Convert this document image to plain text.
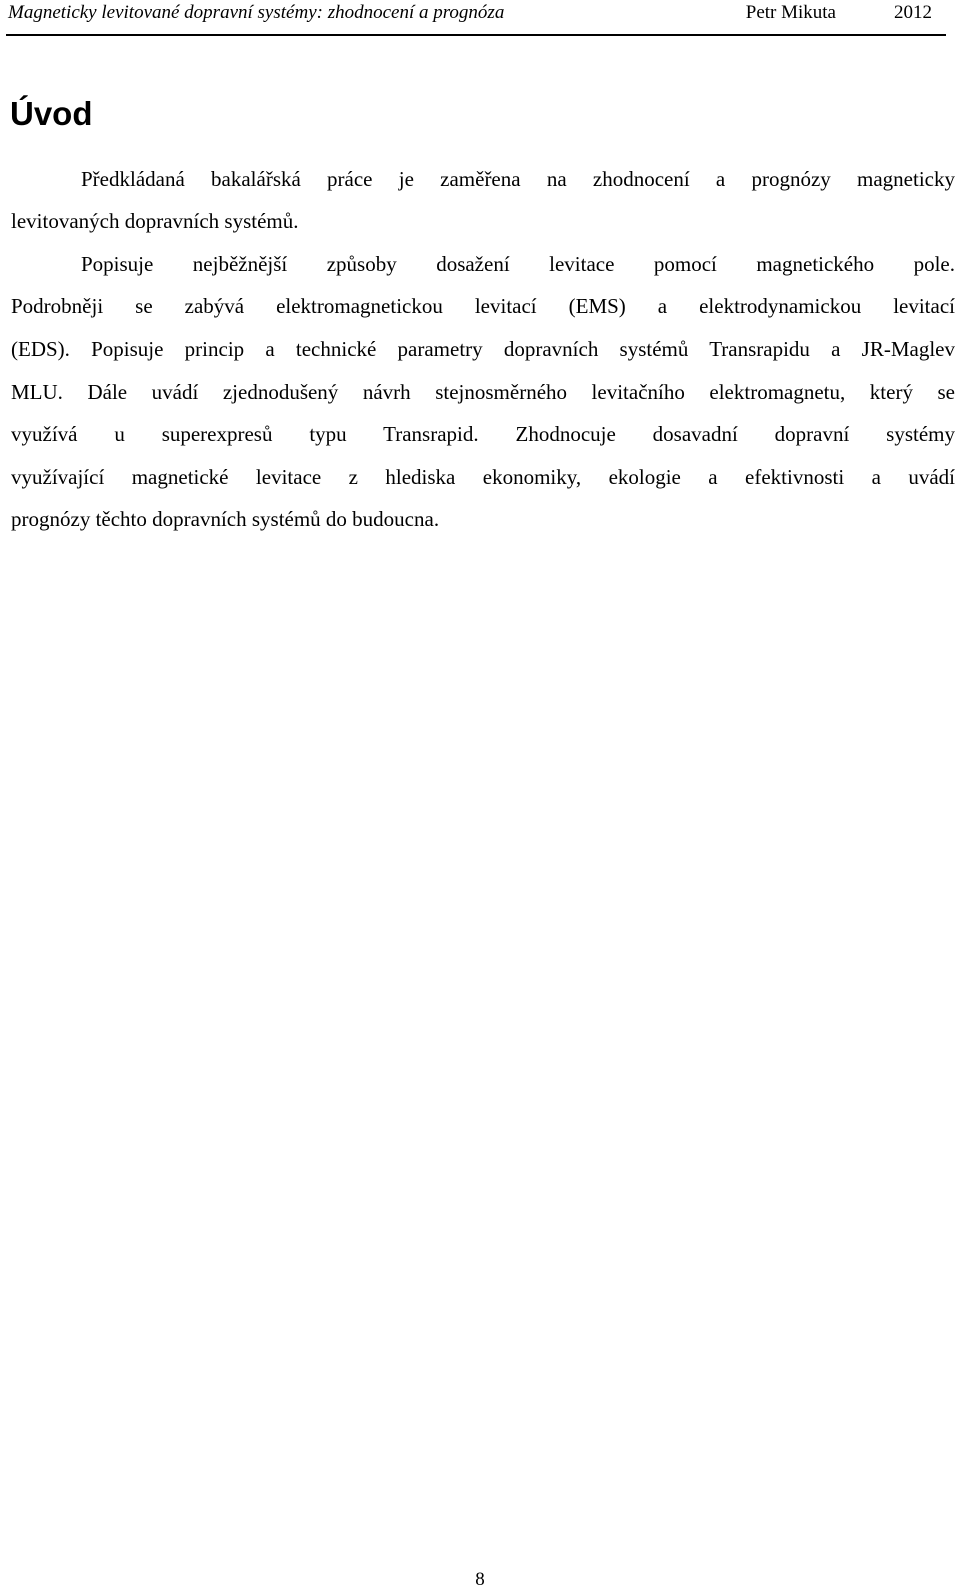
Magneticky levitované dopravní systémy: zhodnocení a prognóza	Petr Mikuta	2012
Úvod
Předkládaná bakalářská práce je zaměřena na zhodnocení a prognózy magneticky
levitovaných dopravních systémů.
Popisuje nejběžnější způsoby dosažení levitace pomocí magnetického pole.
Podrobněji se zabývá elektromagnetickou levitací (EMS) a elektrodynamickou levitací
(EDS). Popisuje princip a technické parametry dopravních systémů Transrapidu a JR-Maglev
MLU. Dále uvádí zjednodušený návrh stejnosměrného levitačního elektromagnetu, který se
využívá u superexpresů typu Transrapid. Zhodnocuje dosavadní dopravní systémy
využívající magnetické levitace z hlediska ekonomiky, ekologie a efektivnosti a uvádí
prognózy těchto dopravních systémů do budoucna.
8
